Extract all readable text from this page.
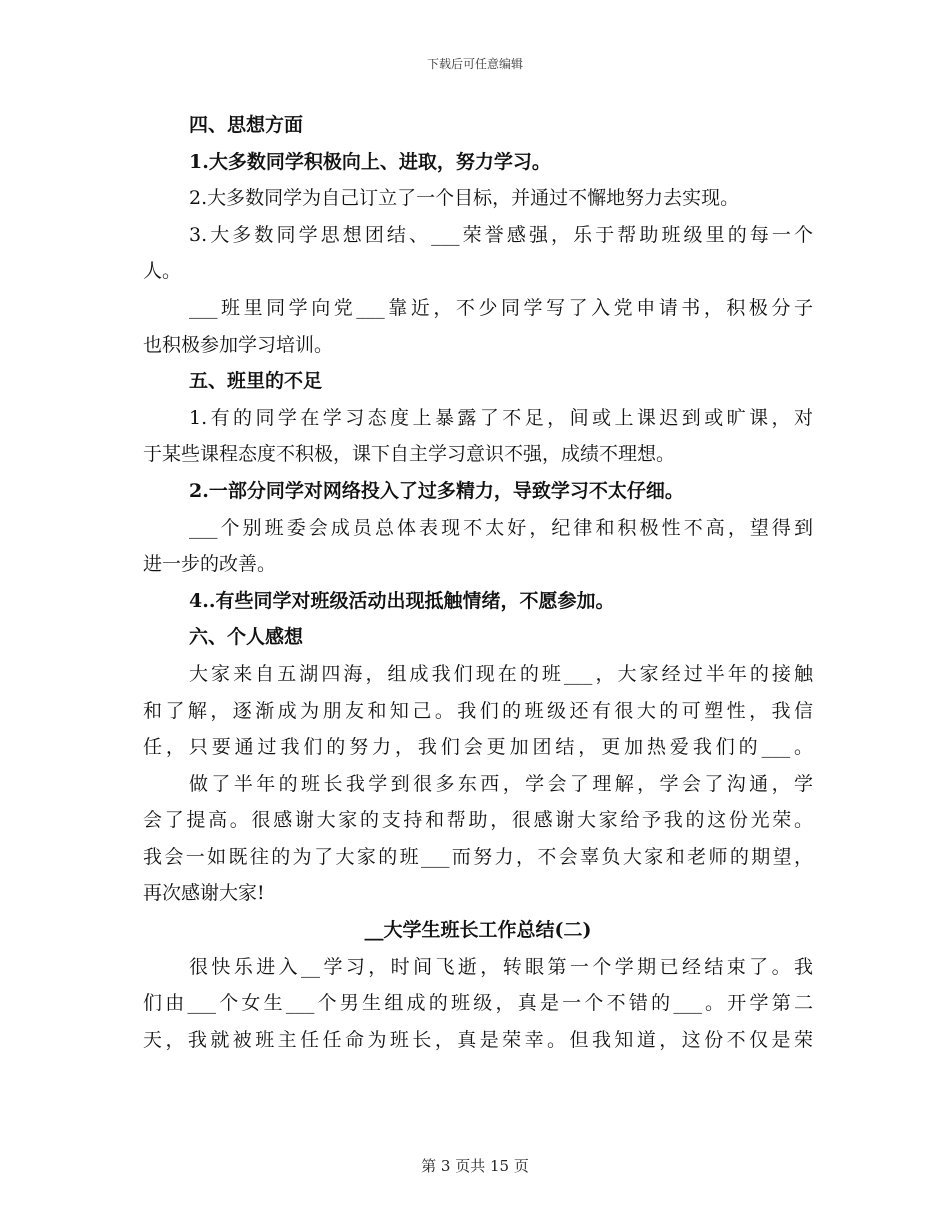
下载后可任意编辑
四、思想方面
1.大多数同学积极向上、进取，努力学习。
2.大多数同学为自己订立了一个目标，并通过不懈地努力去实现。
3.大多数同学思想团结、___荣誉感强，乐于帮助班级里的每一个
人。
___班里同学向党___靠近，不少同学写了入党申请书，积极分子
也积极参加学习培训。
五、班里的不足
1.有的同学在学习态度上暴露了不足，间或上课迟到或旷课，对
于某些课程态度不积极，课下自主学习意识不强，成绩不理想。
2.一部分同学对网络投入了过多精力，导致学习不太仔细。
___个别班委会成员总体表现不太好，纪律和积极性不高，望得到
进一步的改善。
4..有些同学对班级活动出现抵触情绪，不愿参加。
六、个人感想
大家来自五湖四海，组成我们现在的班___，大家经过半年的接触
和了解，逐渐成为朋友和知己。我们的班级还有很大的可塑性，我信
任，只要通过我们的努力，我们会更加团结，更加热爱我们的___。
做了半年的班长我学到很多东西，学会了理解，学会了沟通，学
会了提高。很感谢大家的支持和帮助，很感谢大家给予我的这份光荣。
我会一如既往的为了大家的班___而努力，不会辜负大家和老师的期望，
再次感谢大家!
__大学生班长工作总结(二)
很快乐进入__学习，时间飞逝，转眼第一个学期已经结束了。我
们由___个女生___个男生组成的班级，真是一个不错的___。开学第二
天，我就被班主任任命为班长，真是荣幸。但我知道，这份不仅是荣
第 3 页共 15 页
